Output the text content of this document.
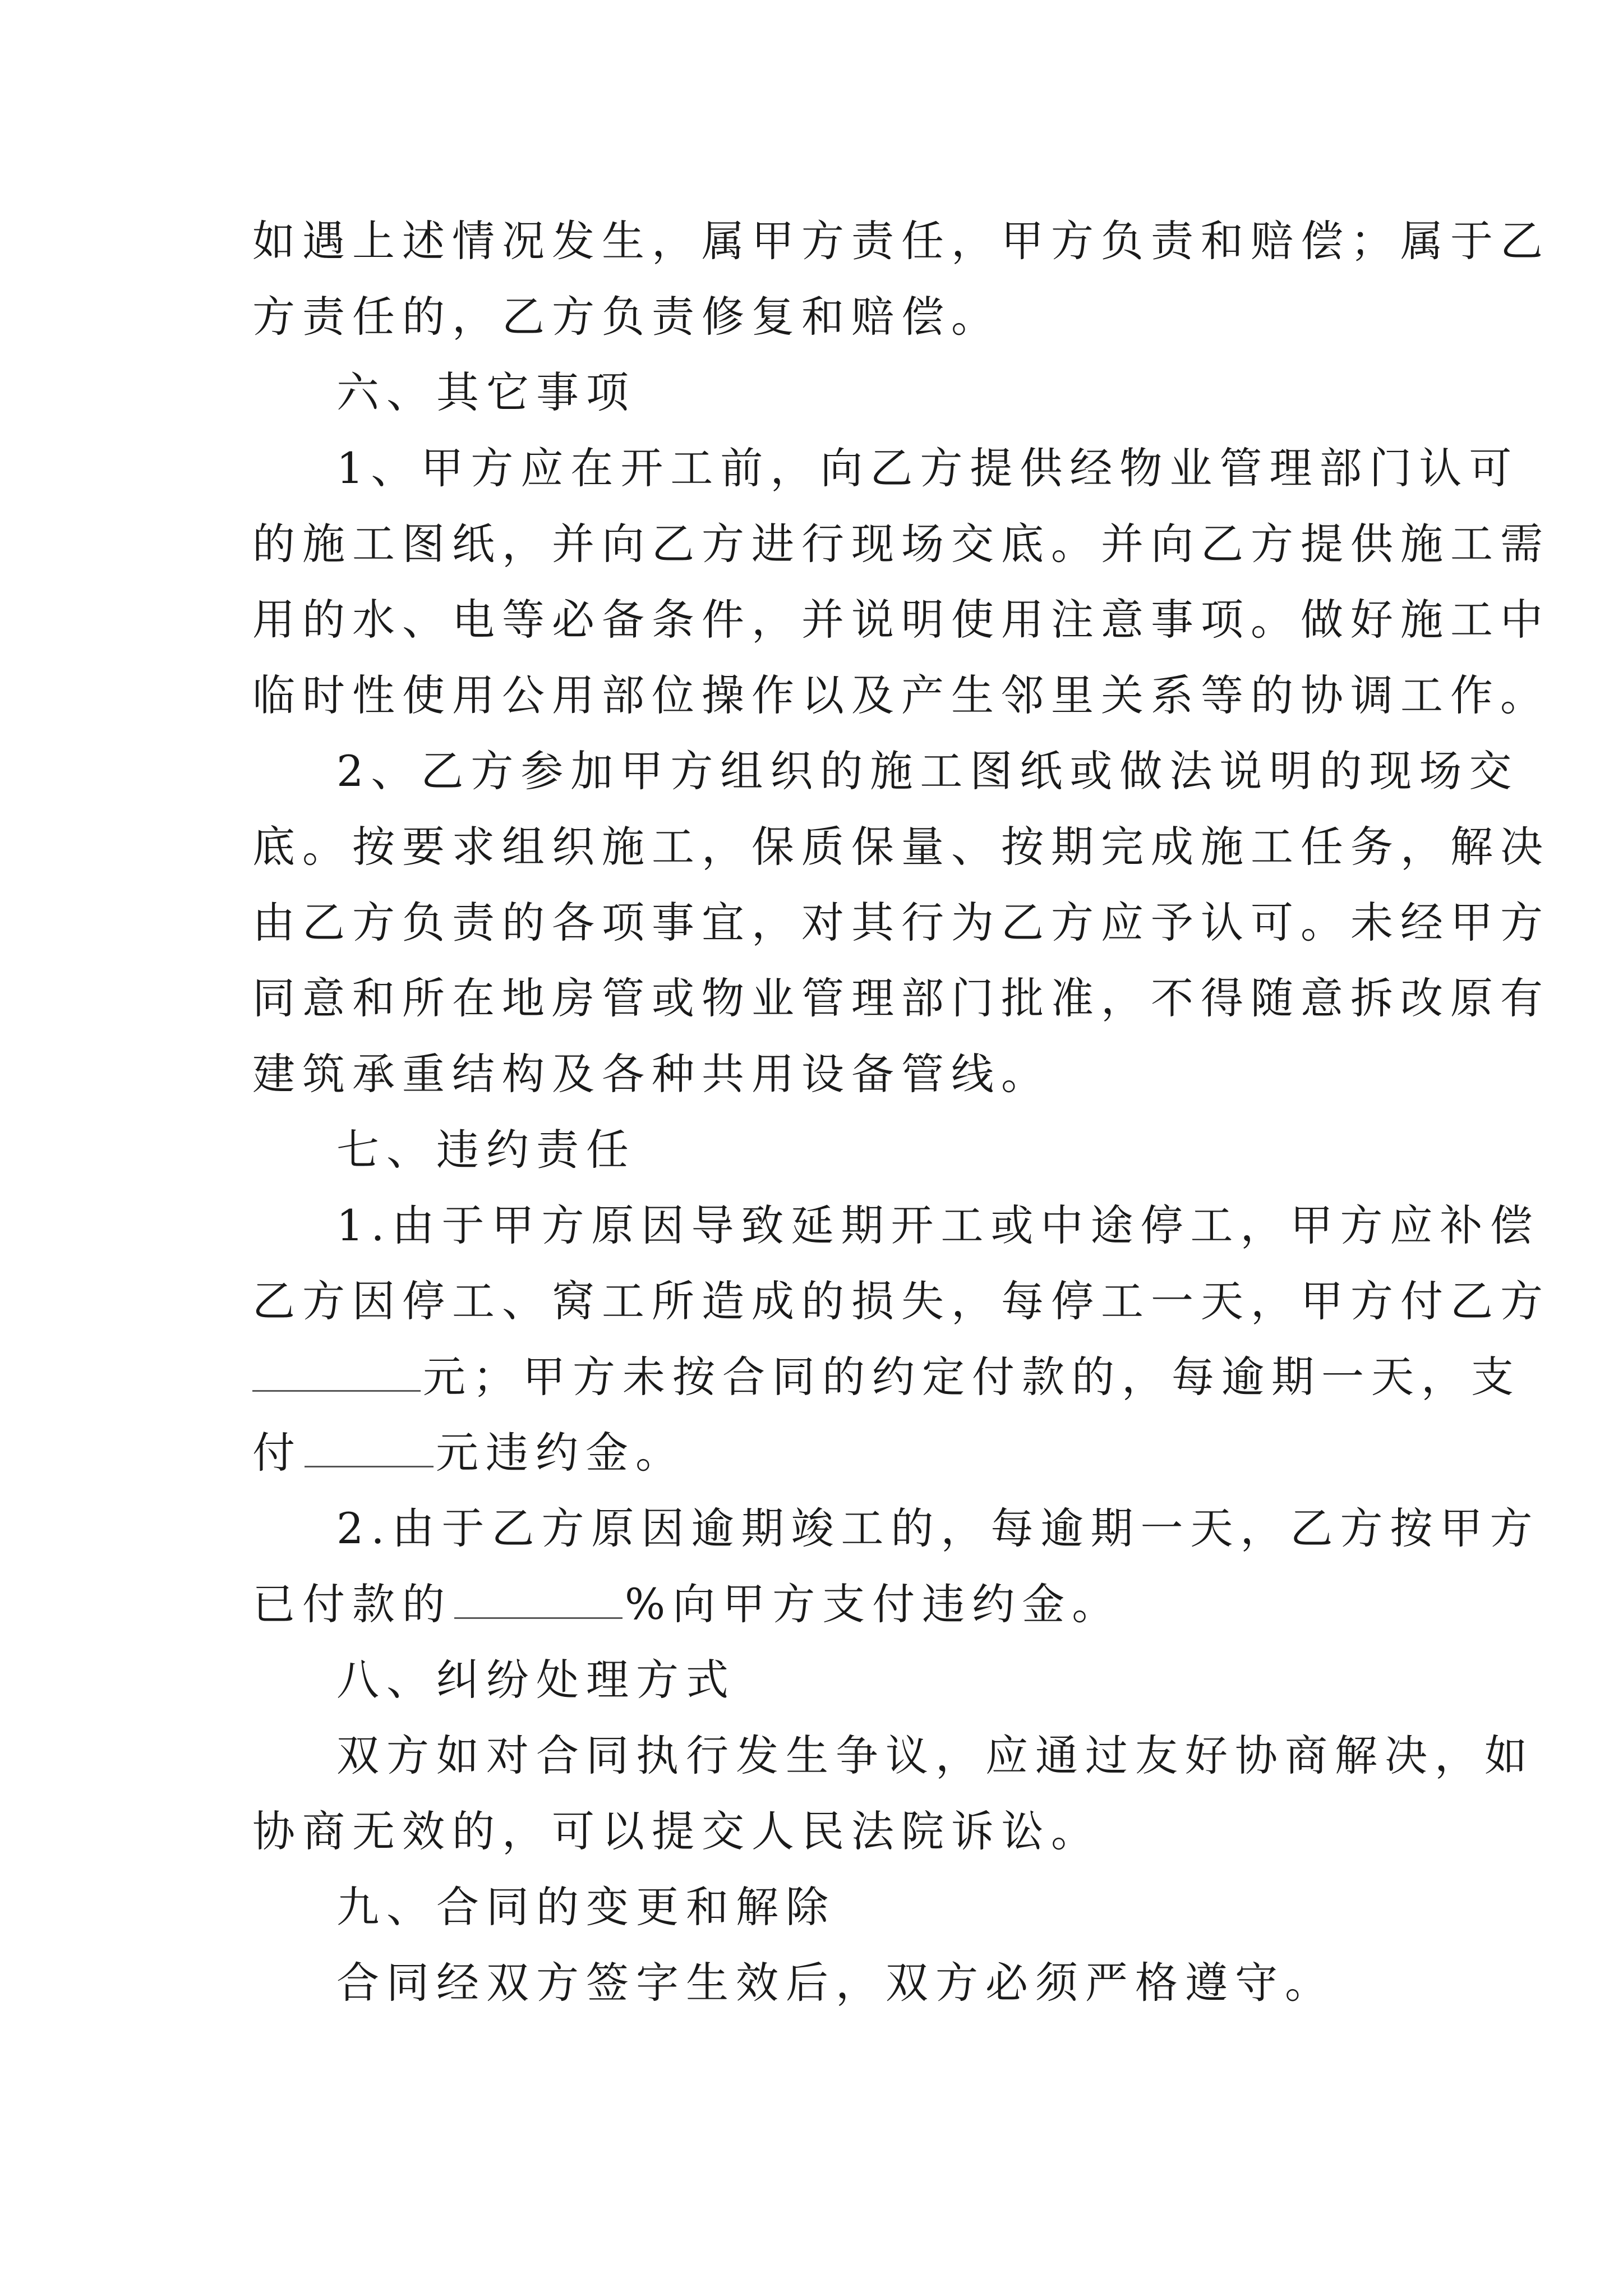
如遇上述情况发生，属甲方责任，甲方负责和赔偿；属于乙
方责任的，乙方负责修复和赔偿。
六、其它事项
1、甲方应在开工前，向乙方提供经物业管理部门认可
的施工图纸，并向乙方进行现场交底。并向乙方提供施工需
用的水、电等必备条件，并说明使用注意事项。做好施工中
临时性使用公用部位操作以及产生邻里关系等的协调工作。
2、乙方参加甲方组织的施工图纸或做法说明的现场交
底。按要求组织施工，保质保量、按期完成施工任务，解决
由乙方负责的各项事宜，对其行为乙方应予认可。未经甲方
同意和所在地房管或物业管理部门批准，不得随意拆改原有
建筑承重结构及各种共用设备管线。
七、违约责任
1.由于甲方原因导致延期开工或中途停工，甲方应补偿
乙方因停工、窝工所造成的损失，每停工一天，甲方付乙方
元；甲方未按合同的约定付款的，每逾期一天，支
付	元违约金。
2.由于乙方原因逾期竣工的，每逾期一天，乙方按甲方
已付款的	%向甲方支付违约金。
八、纠纷处理方式
双方如对合同执行发生争议，应通过友好协商解决，如
协商无效的，可以提交人民法院诉讼。
九、合同的变更和解除
合同经双方签字生效后，双方必须严格遵守。
